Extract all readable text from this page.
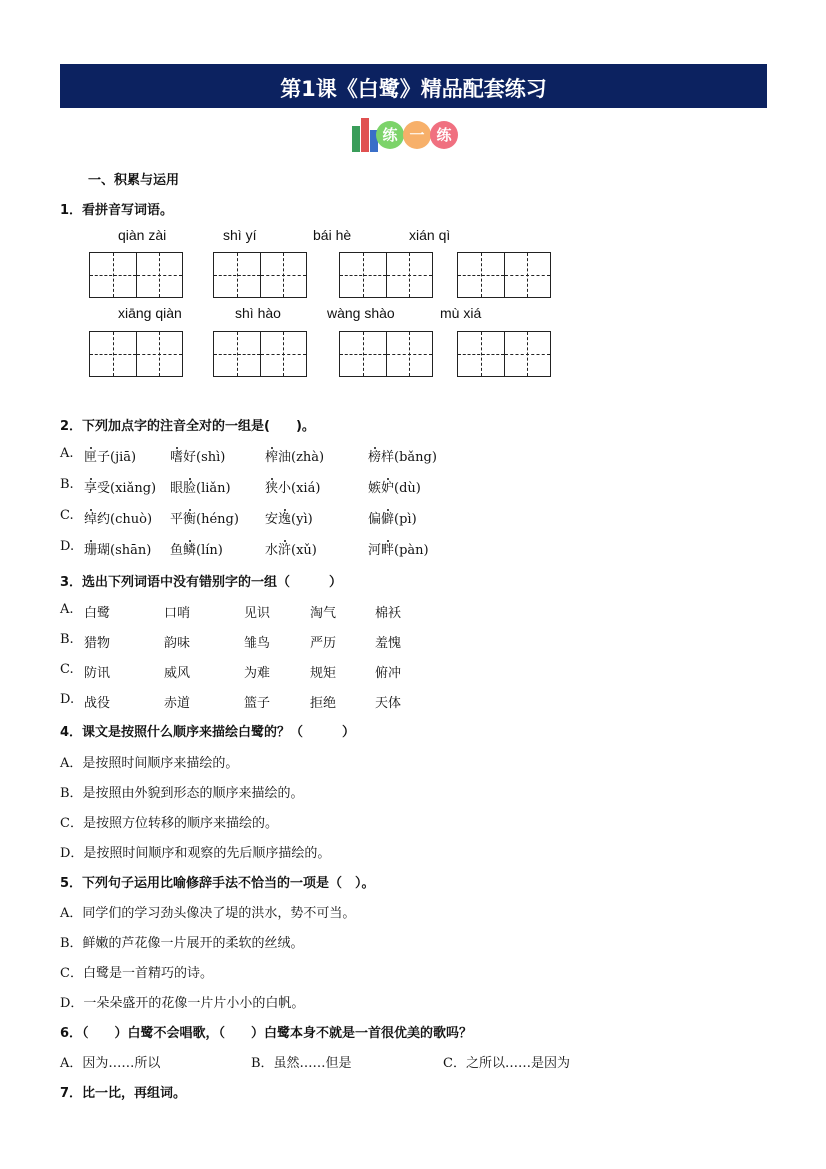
第1课《白鹭》精品配套练习
练 一 练
一、积累与运用
1．看拼音写词语。
qiàn zài	shì yí	bái hè	xián qì
xiāng qiàn	shì hào	wàng shào	mù xiá
2．下列加点字的注音全对的一组是(　　)。
A. 匣子(jiā)	嗜好(shì)	榨油(zhà)	榜样(bǎng)
B. 享受(xiǎng) 眼脸(liǎn)	狭小(xiá)	嫉妒(dù)
C. 绰约(chuò) 平衡(héng) 安逸(yì)	偏僻(pì)
D. 珊瑚(shān) 鱼鳞(lín)	水浒(xǔ)	河畔(pàn)
3．选出下列词语中没有错别字的一组（　　　）
A. 白鹭	口哨	见识	淘气	棉袄
B. 猎物	韵味	雏鸟	严历	羞愧
C. 防讯	威风	为难	规矩	俯冲
D. 战役	赤道	篮子	拒绝	天体
4．课文是按照什么顺序来描绘白鹭的？（　　　）
A．是按照时间顺序来描绘的。
B．是按照由外貌到形态的顺序来描绘的。
C．是按照方位转移的顺序来描绘的。
D．是按照时间顺序和观察的先后顺序描绘的。
5．下列句子运用比喻修辞手法不恰当的一项是（　）。
A．同学们的学习劲头像决了堤的洪水，势不可当。
B．鲜嫩的芦花像一片展开的柔软的丝绒。
C．白鹭是一首精巧的诗。
D．一朵朵盛开的花像一片片小小的白帆。
6．（　　）白鹭不会唱歌，（　　）白鹭本身不就是一首很优美的歌吗？
A．因为……所以	B．虽然……但是	C．之所以……是因为
7．比一比，再组词。
